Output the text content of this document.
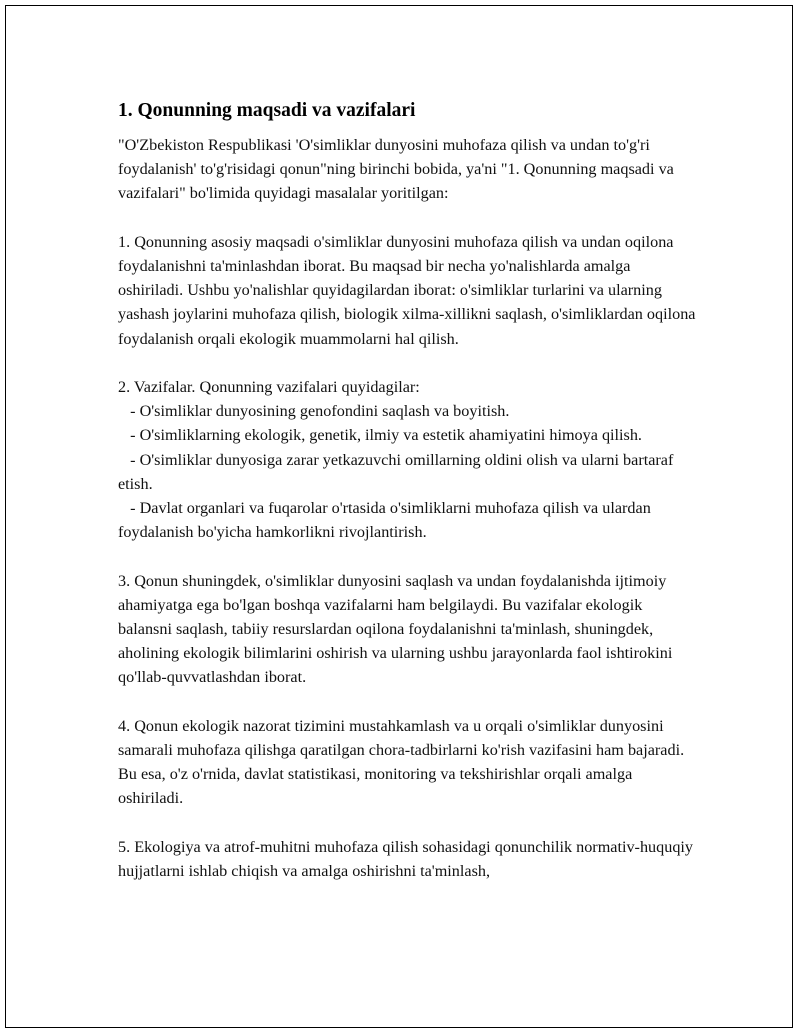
1. Qonunning maqsadi va vazifalari

"O'Zbekiston Respublikasi 'O'simliklar dunyosini muhofaza qilish va undan to'g'ri foydalanish' to'g'risidagi qonun"ning birinchi bobida, ya'ni "1. Qonunning maqsadi va vazifalari" bo'limida quyidagi masalalar yoritilgan:

1. Qonunning asosiy maqsadi o'simliklar dunyosini muhofaza qilish va undan oqilona foydalanishni ta'minlashdan iborat. Bu maqsad bir necha yo'nalishlarda amalga oshiriladi. Ushbu yo'nalishlar quyidagilardan iborat: o'simliklar turlarini va ularning yashash joylarini muhofaza qilish, biologik xilma-xillikni saqlash, o'simliklardan oqilona foydalanish orqali ekologik muammolarni hal qilish.

2. Vazifalar. Qonunning vazifalari quyidagilar:
- O'simliklar dunyosining genofondini saqlash va boyitish.
- O'simliklarning ekologik, genetik, ilmiy va estetik ahamiyatini himoya qilish.
- O'simliklar dunyosiga zarar yetkazuvchi omillarning oldini olish va ularni bartaraf etish.
- Davlat organlari va fuqarolar o'rtasida o'simliklarni muhofaza qilish va ulardan foydalanish bo'yicha hamkorlikni rivojlantirish.

3. Qonun shuningdek, o'simliklar dunyosini saqlash va undan foydalanishda ijtimoiy ahamiyatga ega bo'lgan boshqa vazifalarni ham belgilaydi. Bu vazifalar ekologik balansni saqlash, tabiiy resurslardan oqilona foydalanishni ta'minlash, shuningdek, aholining ekologik bilimlarini oshirish va ularning ushbu jarayonlarda faol ishtirokini qo'llab-quvvatlashdan iborat.

4. Qonun ekologik nazorat tizimini mustahkamlash va u orqali o'simliklar dunyosini samarali muhofaza qilishga qaratilgan chora-tadbirlarni ko'rish vazifasini ham bajaradi. Bu esa, o'z o'rnida, davlat statistikasi, monitoring va tekshirishlar orqali amalga oshiriladi.

5. Ekologiya va atrof-muhitni muhofaza qilish sohasidagi qonunchilik normativ-huquqiy hujjatlarni ishlab chiqish va amalga oshirishni ta'minlash,
